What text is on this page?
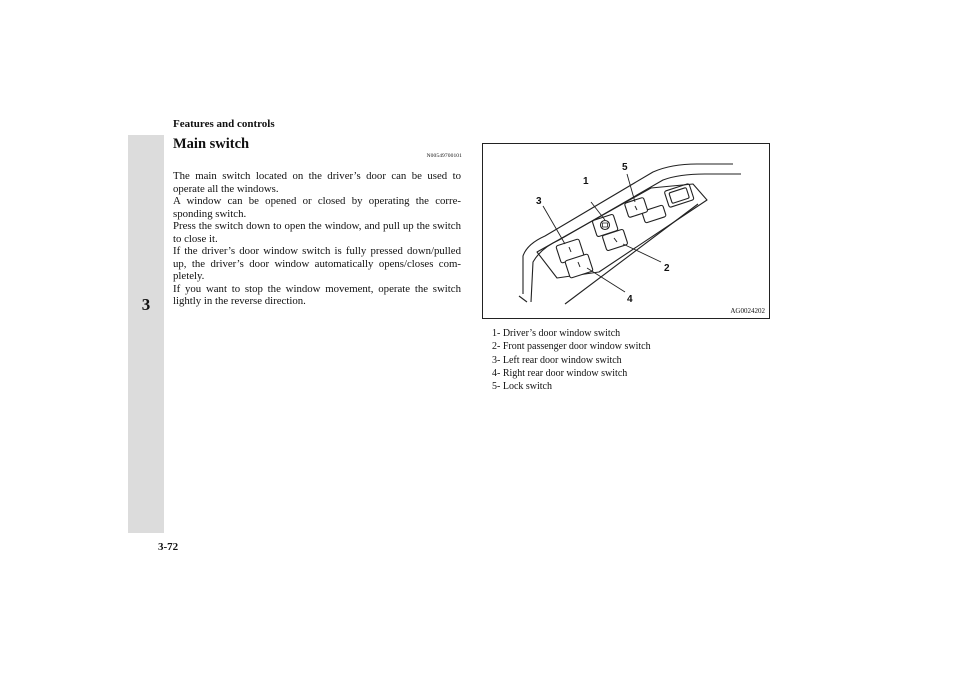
Features and controls
3
Main switch
N00549700101

The main switch located on the driver’s door can be used to operate all the windows.

A window can be opened or closed by operating the corre-sponding switch.

Press the switch down to open the window, and pull up the switch to close it.

If the driver’s door window switch is fully pressed down/pulled up, the driver’s door window automatically opens/closes com-pletely.

If you want to stop the window movement, operate the switch lightly in the reverse direction.

1
2
3
4
5
AG0024202
1- Driver’s door window switch
2- Front passenger door window switch
3- Left rear door window switch
4- Right rear door window switch
5- Lock switch
3-72
